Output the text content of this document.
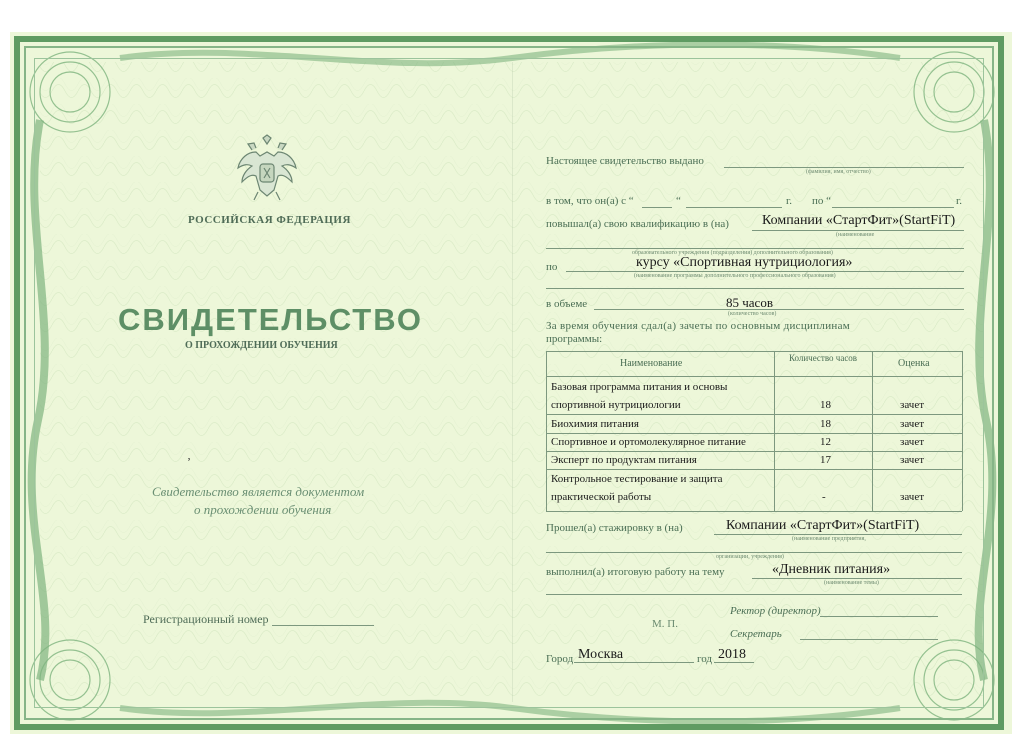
РОССИЙСКАЯ ФЕДЕРАЦИЯ
СВИДЕТЕЛЬСТВО
О ПРОХОЖДЕНИИ ОБУЧЕНИЯ
‚
Свидетельство является документом
о прохождении обучения
Регистрационный номер
Настоящее свидетельство выдано
(фамилия, имя, отчество)
в том, что он(а) с “	“	г. по “	г.
повышал(а) свою квалификацию в (на) Компании «СтартФит»(StartFiT)
(наименование
образовательного учреждения (подразделения) дополнительного образования)
по	курсу «Спортивная нутрициология»
(наименование программы дополнительного профессионального образования)
в объеме	85 часов
(количество часов)
За время обучения сдал(а) зачеты по основным дисциплинам
программы:
Наименование	Количество часов	Оценка
Базовая программа питания и основы
спортивной нутрициологии	18	зачет
Биохимия питания	18	зачет
Спортивное и ортомолекулярное питание	12	зачет
Эксперт по продуктам питания	17	зачет
Контрольное тестирование и защита
практической работы	-	зачет
Прошел(а) стажировку в (на)	Компании «СтартФит»(StartFiT)
(наименование предприятия,
организации, учреждения)
выполнил(а) итоговую работу на тему	«Дневник питания»
(наименование темы)
Ректор (директор)
М. П.
Секретарь
Город Москва	год 2018
